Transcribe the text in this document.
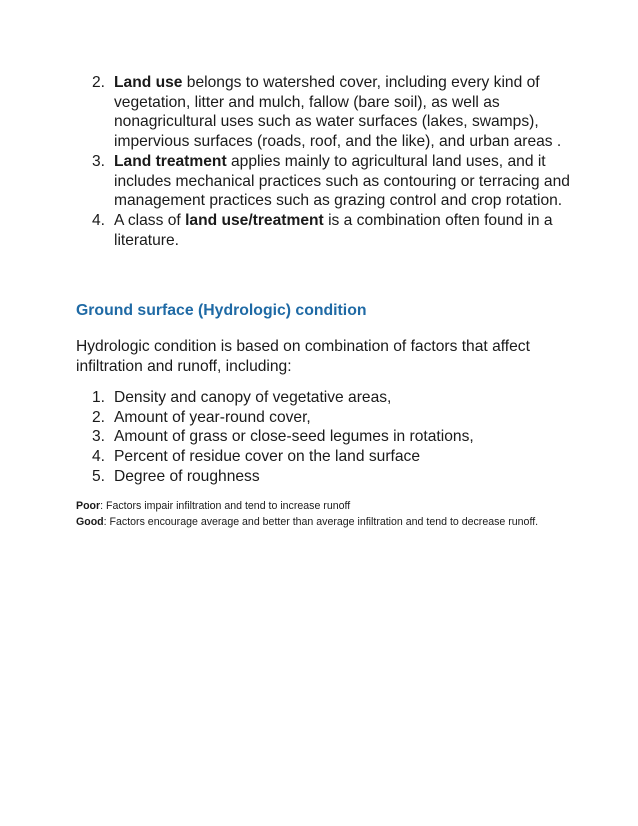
2. Land use belongs to watershed cover, including every kind of vegetation, litter and mulch, fallow (bare soil), as well as nonagricultural uses such as water surfaces (lakes, swamps), impervious surfaces (roads, roof, and the like), and urban areas .
3. Land treatment applies mainly to agricultural land uses, and it includes mechanical practices such as contouring or terracing and management practices such as grazing control and crop rotation.
4. A class of land use/treatment is a combination often found in a literature.
Ground surface (Hydrologic) condition

Hydrologic condition is based on combination of factors that affect infiltration and runoff, including:

1. Density and canopy of vegetative areas,
2. Amount of year-round cover,
3. Amount of grass or close-seed legumes in rotations,
4. Percent of residue cover on the land surface
5. Degree of roughness

Poor: Factors impair infiltration and tend to increase runoff

Good: Factors encourage average and better than average infiltration and tend to decrease runoff.
